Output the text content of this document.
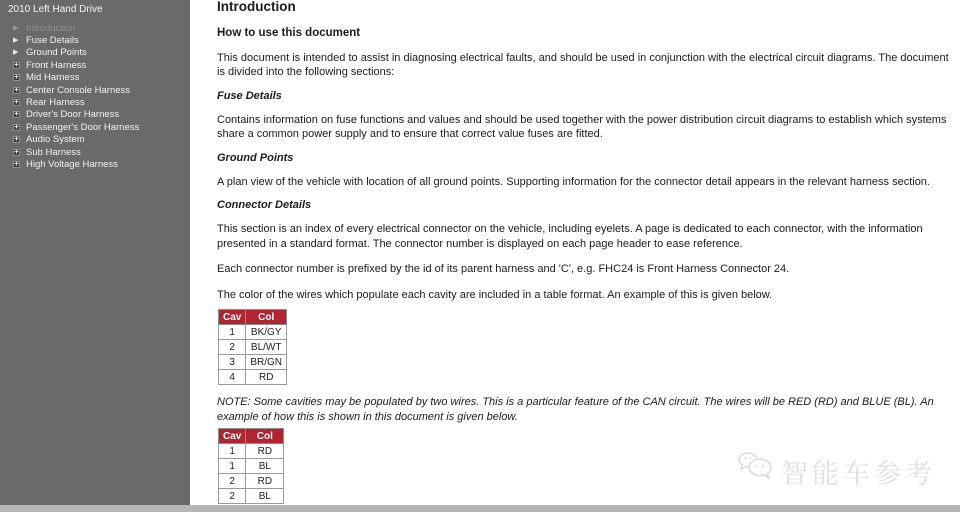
2010 Left Hand Drive
▶ Introduction
▶ Fuse Details
▶ Ground Points
+ Front Harness
+ Mid Harness
+ Center Console Harness
+ Rear Harness
+ Driver's Door Harness
+ Passenger's Door Harness
+ Audio System
+ Sub Harness
+ High Voltage Harness
Introduction
How to use this document

This document is intended to assist in diagnosing electrical faults, and should be used in conjunction with the electrical circuit diagrams. The document is divided into the following sections:

Fuse Details

Contains information on fuse functions and values and should be used together with the power distribution circuit diagrams to establish which systems share a common power supply and to ensure that correct value fuses are fitted.

Ground Points

A plan view of the vehicle with location of all ground points. Supporting information for the connector detail appears in the relevant harness section.

Connector Details

This section is an index of every electrical connector on the vehicle, including eyelets. A page is dedicated to each connector, with the information presented in a standard format. The connector number is displayed on each page header to ease reference.

Each connector number is prefixed by the id of its parent harness and 'C', e.g. FHC24 is Front Harness Connector 24.

The color of the wires which populate each cavity are included in a table format. An example of this is given below.

Cav	Col
1	BK/GY
2	BL/WT
3	BR/GN
4	RD

NOTE: Some cavities may be populated by two wires. This is a particular feature of the CAN circuit. The wires will be RED (RD) and BLUE (BL). An example of how this is shown in this document is given below.

Cav	Col
1	RD
1	BL
2	RD
2	BL
智能车参考
